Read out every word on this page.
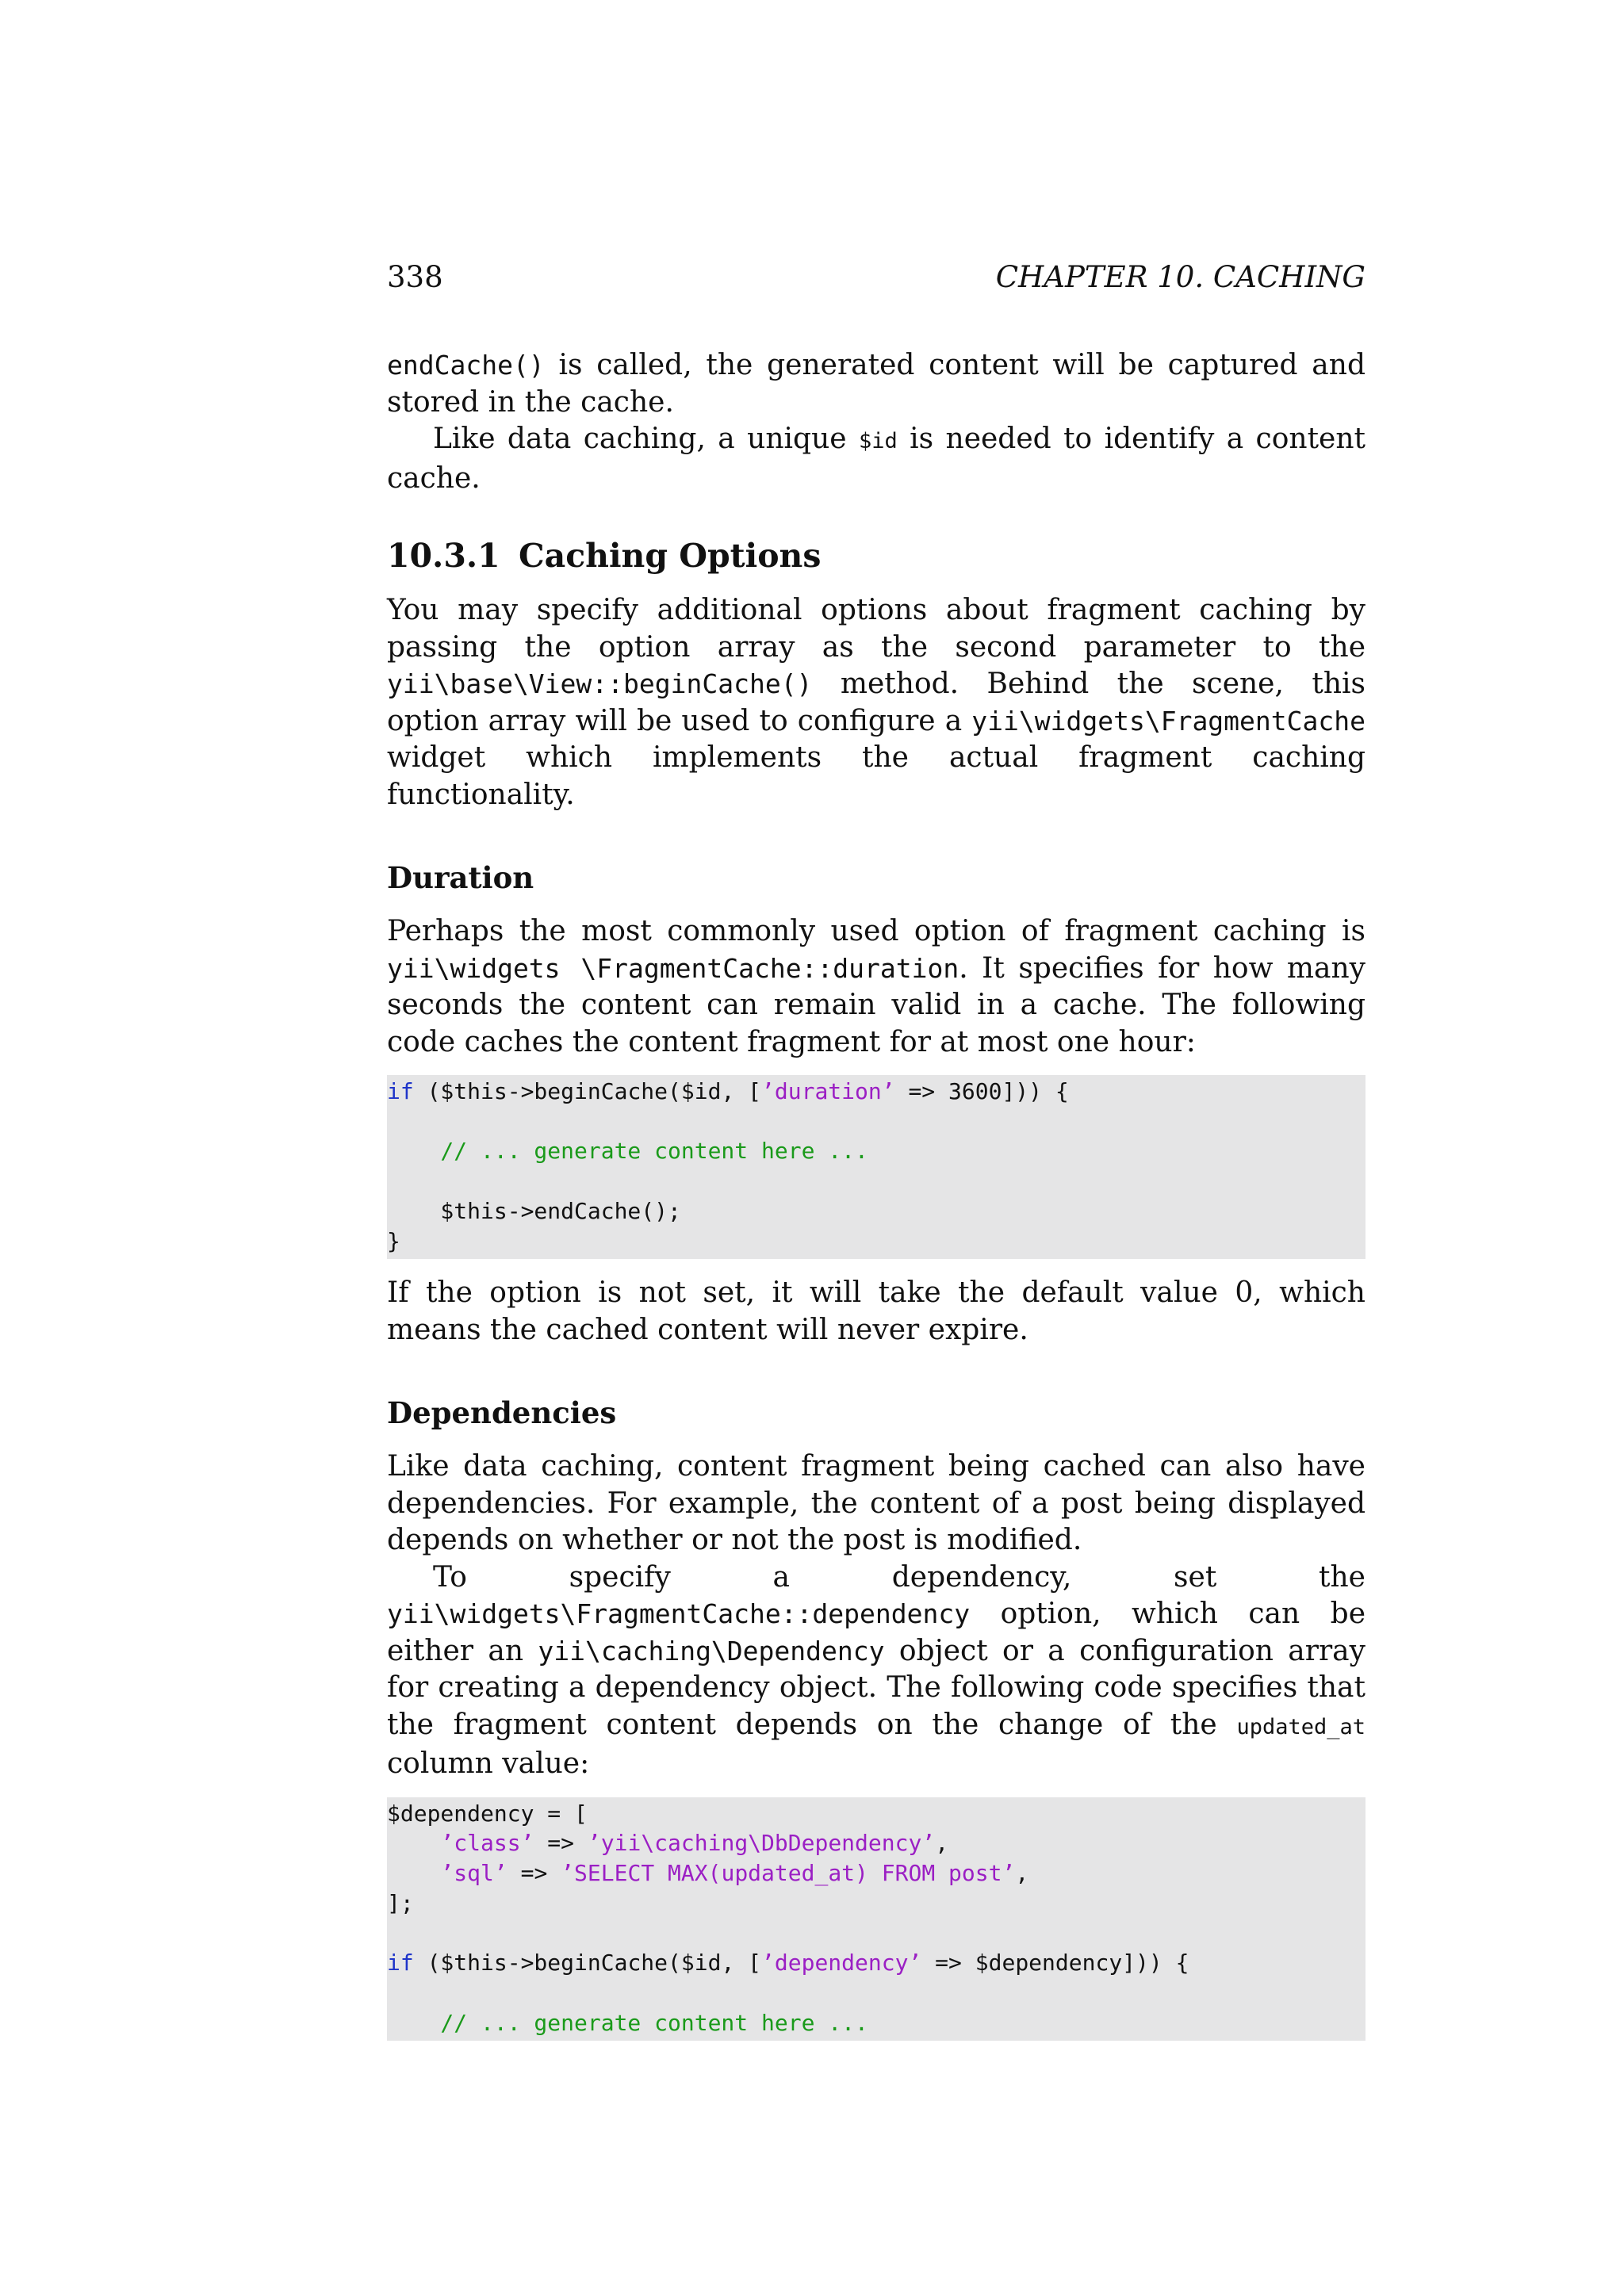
338	CHAPTER 10. CACHING

endCache() is called, the generated content will be captured and stored in the cache.

Like data caching, a unique $id is needed to identify a content cache.

10.3.1 Caching Options

You may specify additional options about fragment caching by passing the option array as the second parameter to the yii\base\View::beginCache() method. Behind the scene, this option array will be used to configure a yii\widgets\FragmentCache widget which implements the actual fragment caching functionality.

Duration

Perhaps the most commonly used option of fragment caching is yii\widgets \FragmentCache::duration. It specifies for how many seconds the content can remain valid in a cache. The following code caches the content fragment for at most one hour:

if ($this->beginCache($id, [’duration’ => 3600])) {

// ... generate content here ...

$this->endCache();
}

If the option is not set, it will take the default value 0, which means the cached content will never expire.

Dependencies

Like data caching, content fragment being cached can also have dependencies. For example, the content of a post being displayed depends on whether or not the post is modified.

To specify a dependency, set the yii\widgets\FragmentCache::dependency option, which can be either an yii\caching\Dependency object or a configuration array for creating a dependency object. The following code specifies that the fragment content depends on the change of the updated_at column value:

$dependency = [
’class’ => ’yii\caching\DbDependency’,
’sql’ => ’SELECT MAX(updated_at) FROM post’,
];

if ($this->beginCache($id, [’dependency’ => $dependency])) {

// ... generate content here ...
